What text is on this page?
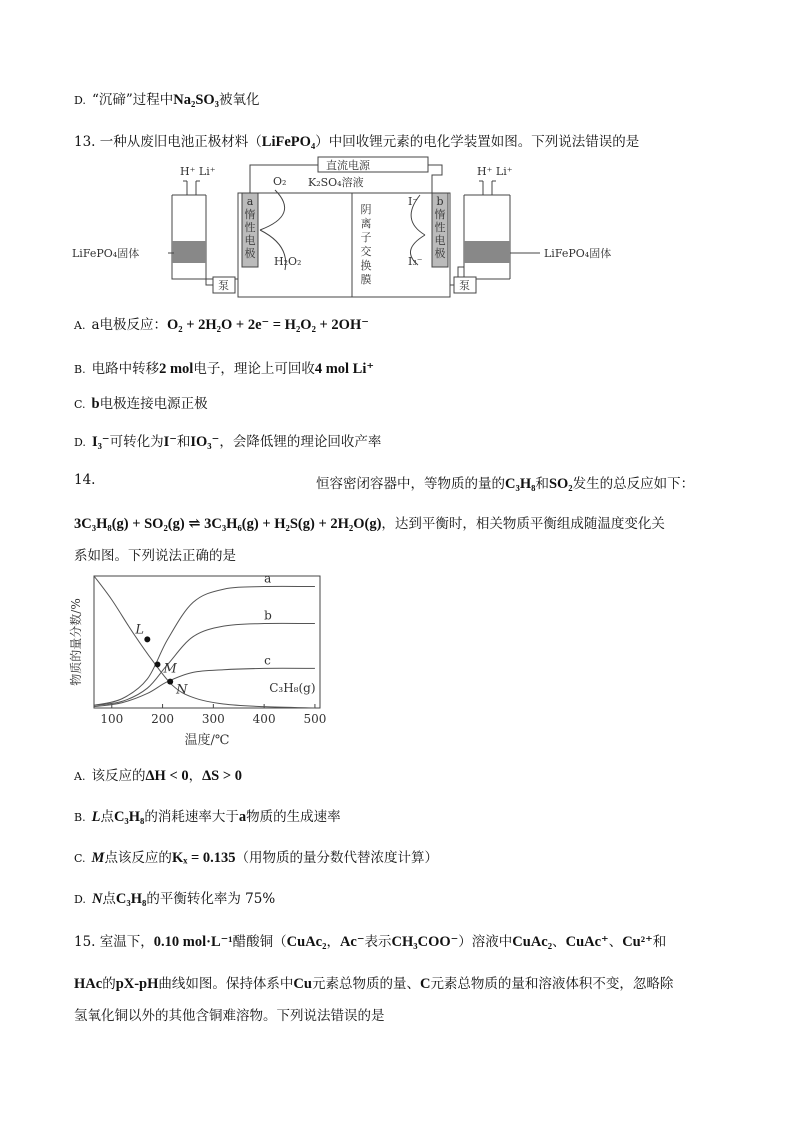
D. “沉碲”过程中Na₂SO₃被氧化
13. 一种从废旧电池正极材料（LiFePO₄）中回收锂元素的电化学装置如图。下列说法错误的是
直流电源
K₂SO₄溶液
H⁺ Li⁺	H⁺ Li⁺
LiFePO₄固体	LiFePO₄固体
泵	泵
O₂
H₂O₂
I⁻
I₃⁻
a
惰
性
电
极
b
惰
性
电
极
阴
离
子
交
换
膜
A. a电极反应：O₂ + 2H₂O + 2e⁻ = H₂O₂ + 2OH⁻
B. 电路中转移2 mol电子，理论上可回收4 mol Li⁺
C. b电极连接电源正极
D. I₃⁻可转化为I⁻和IO₃⁻，会降低锂的理论回收产率
14.	恒容密闭容器中，等物质的量的C₃H₈和SO₂发生的总反应如下：
3C₃H₈(g) + SO₂(g) ⇌ 3C₃H₆(g) + H₂S(g) + 2H₂O(g)，达到平衡时，相关物质平衡组成随温度变化关
系如图。下列说法正确的是
100 200 300 400 500
温度/℃
物质的量分数/%
a
b
c
C₃H₈(g)
L
M
N
A. 该反应的ΔH < 0，ΔS > 0
B. L点C₃H₈的消耗速率大于a物质的生成速率
C. M点该反应的Kₓ = 0.135（用物质的量分数代替浓度计算）
D. N点C₃H₈的平衡转化率为 75%
15. 室温下，0.10 mol·L⁻¹醋酸铜（CuAc₂，Ac⁻表示CH₃COO⁻）溶液中CuAc₂、CuAc⁺、Cu²⁺和
HAc的pX-pH曲线如图。保持体系中Cu元素总物质的量、C元素总物质的量和溶液体积不变，忽略除
氢氧化铜以外的其他含铜难溶物。下列说法错误的是
